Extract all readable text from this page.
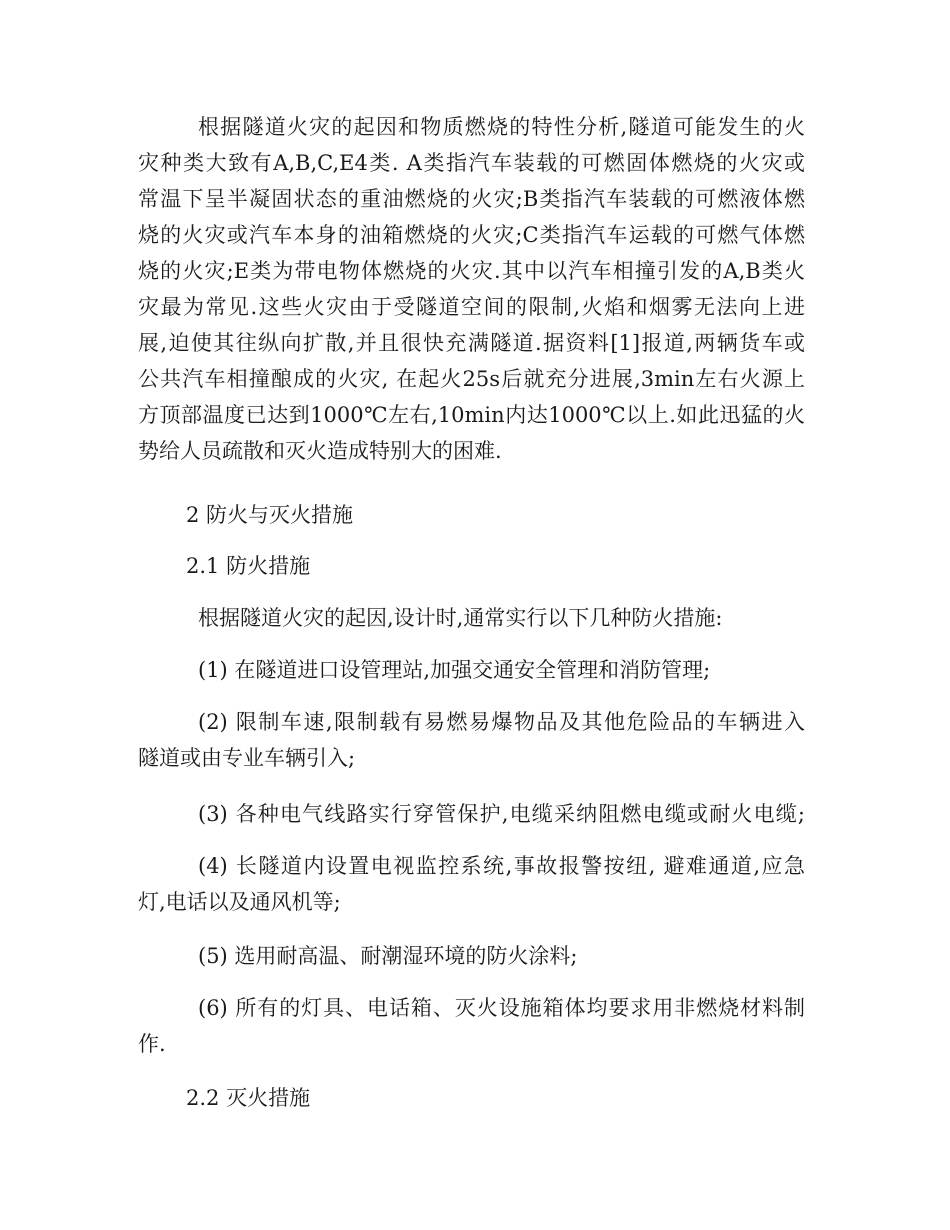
根据隧道火灾的起因和物质燃烧的特性分析,隧道可能发生的火
灾种类大致有A,B,C,E4类. A类指汽车装载的可燃固体燃烧的火灾或
常温下呈半凝固状态的重油燃烧的火灾;B类指汽车装载的可燃液体燃
烧的火灾或汽车本身的油箱燃烧的火灾;C类指汽车运载的可燃气体燃
烧的火灾;E类为带电物体燃烧的火灾.其中以汽车相撞引发的A,B类火
灾最为常见.这些火灾由于受隧道空间的限制,火焰和烟雾无法向上进
展,迫使其往纵向扩散,并且很快充满隧道.据资料[1]报道,两辆货车或
公共汽车相撞酿成的火灾, 在起火25s后就充分进展,3min左右火源上
方顶部温度已达到1000℃左右,10min内达1000℃以上.如此迅猛的火
势给人员疏散和灭火造成特别大的困难.
2 防火与灭火措施
2.1 防火措施
根据隧道火灾的起因,设计时,通常实行以下几种防火措施:
(1) 在隧道进口设管理站,加强交通安全管理和消防管理;
(2) 限制车速,限制载有易燃易爆物品及其他危险品的车辆进入
隧道或由专业车辆引入;
(3) 各种电气线路实行穿管保护,电缆采纳阻燃电缆或耐火电缆;
(4) 长隧道内设置电视监控系统,事故报警按纽, 避难通道,应急
灯,电话以及通风机等;
(5) 选用耐高温、耐潮湿环境的防火涂料;
(6) 所有的灯具、电话箱、灭火设施箱体均要求用非燃烧材料制
作.
2.2 灭火措施
